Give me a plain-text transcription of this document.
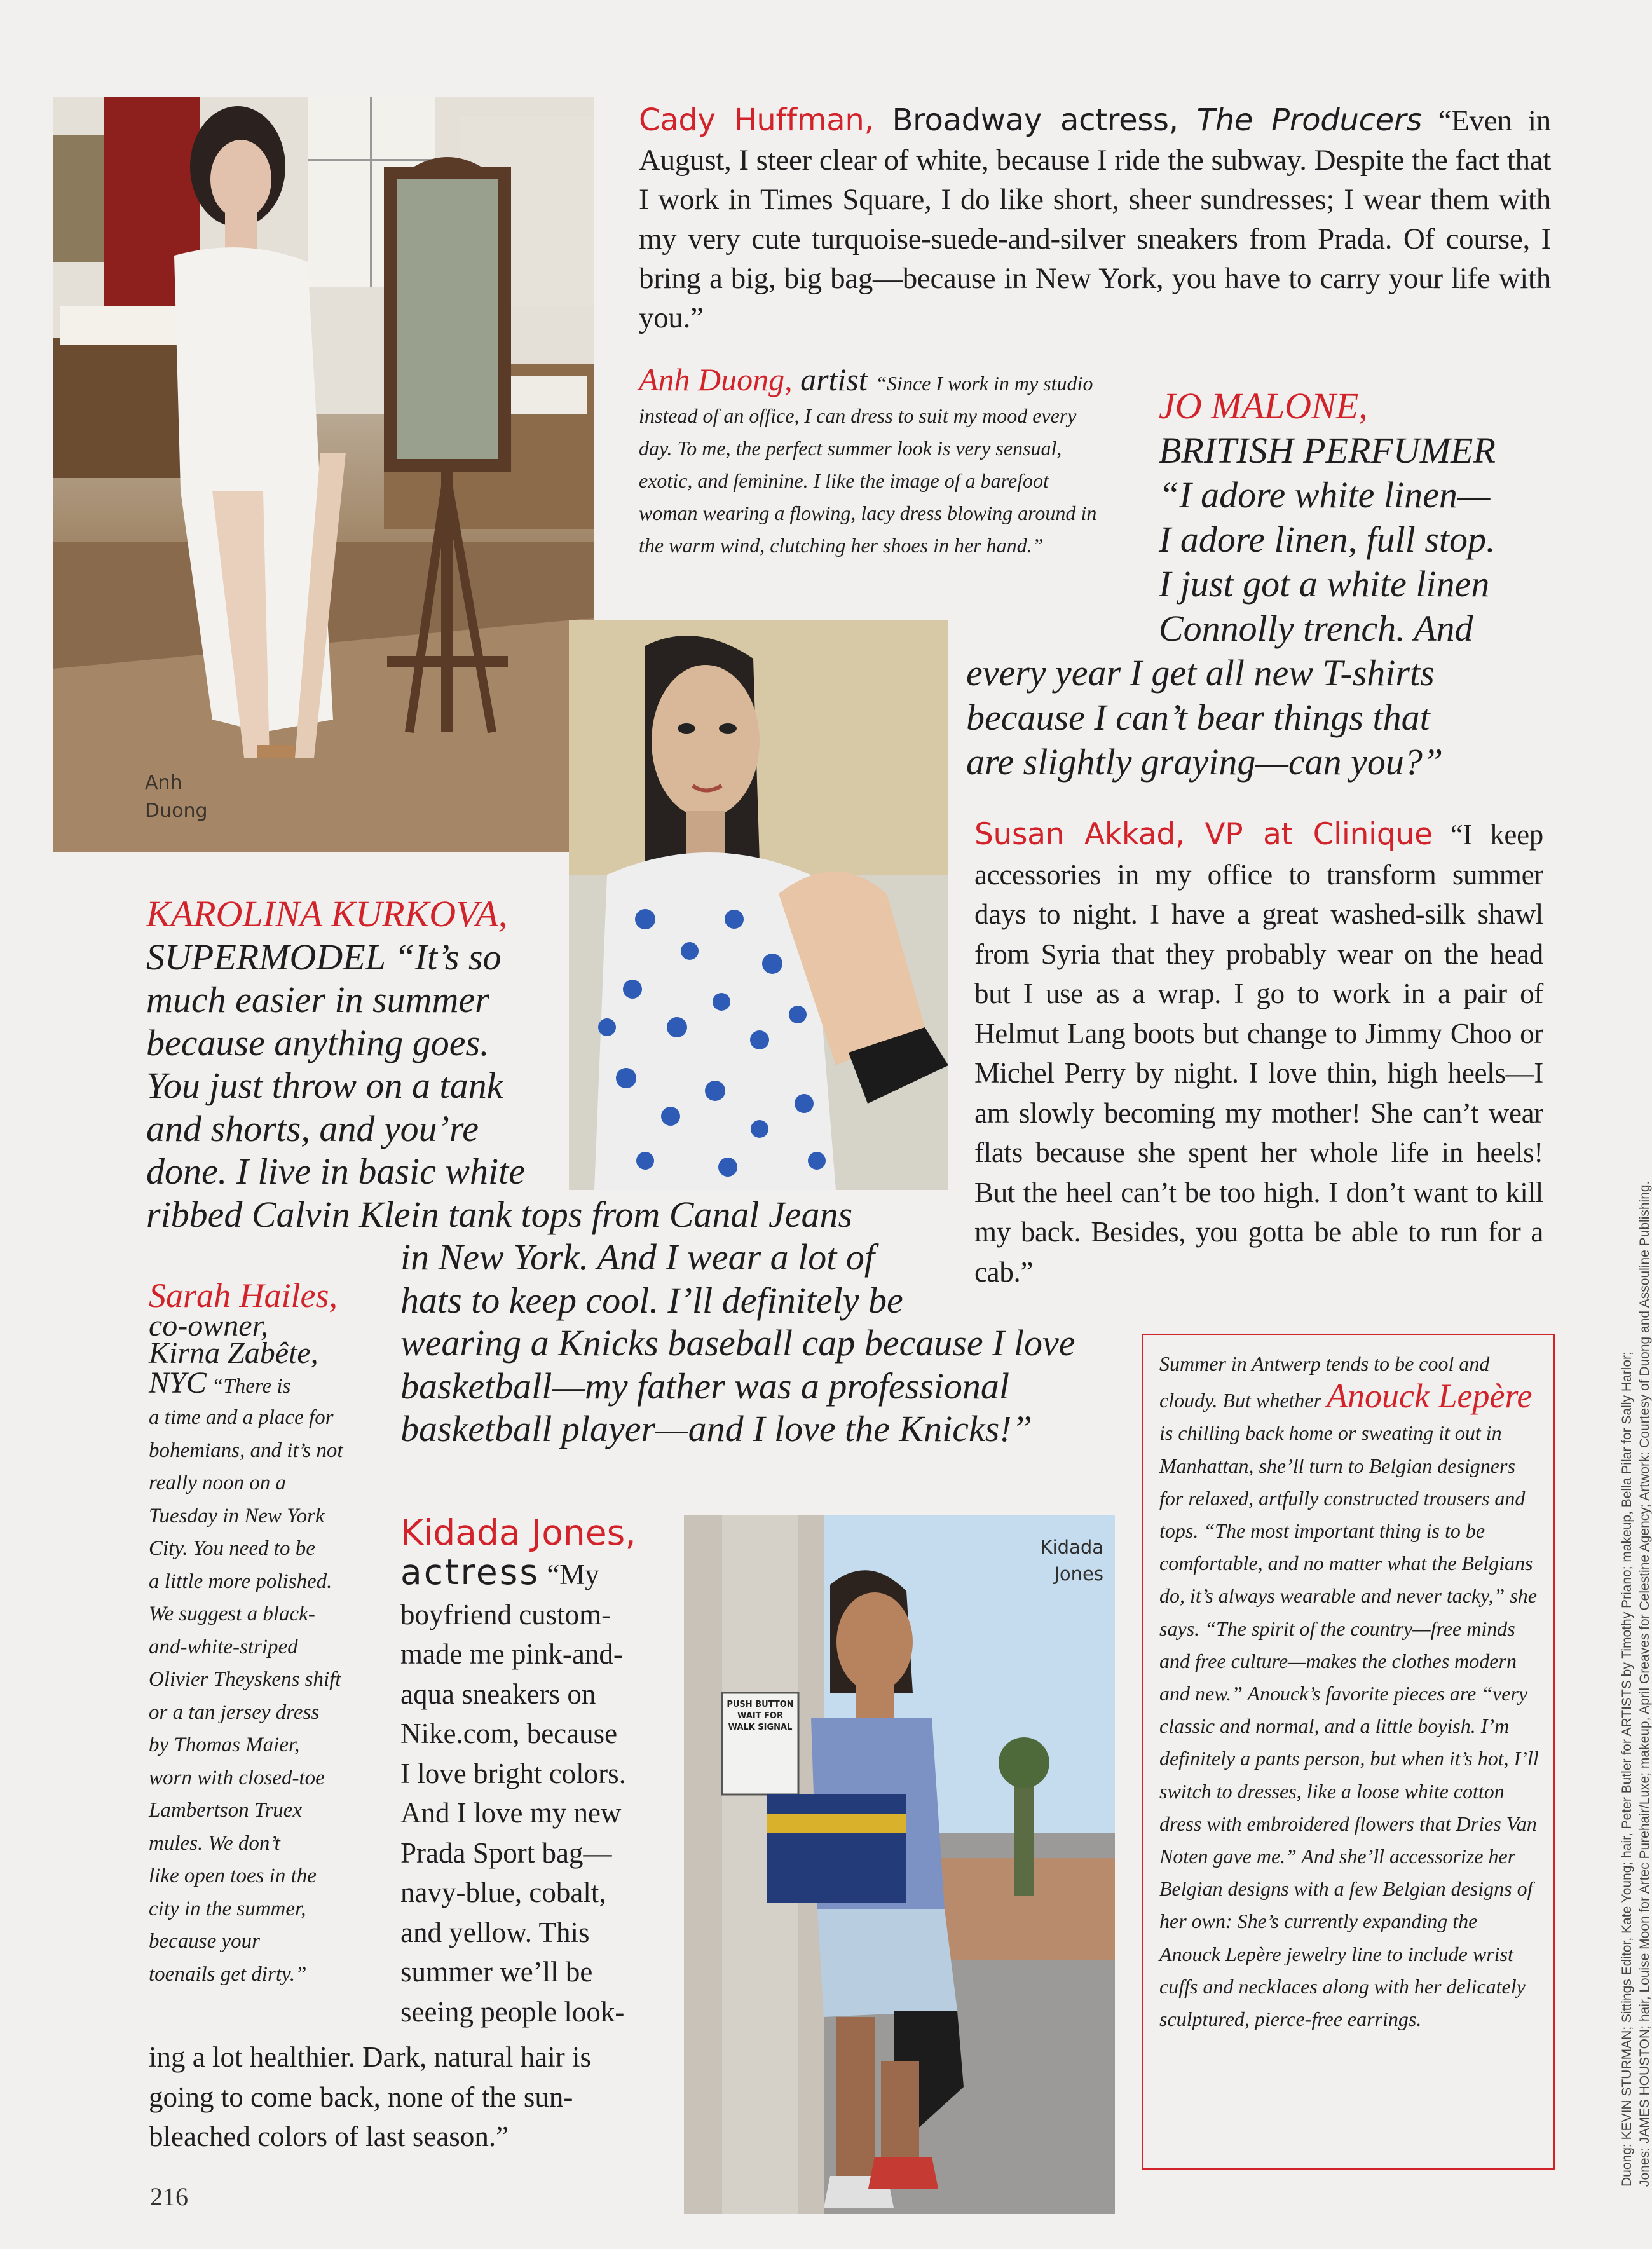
Anh
Duong
PUSH BUTTON
WAIT FOR
WALK SIGNAL
Kidada
Jones

Cady Huffman, Broadway actress, The Producers “Even in August, I steer clear of white, because I ride the subway. Despite the fact that I work in Times Square, I do like short, sheer sundresses; I wear them with my very cute turquoise-suede-and-silver sneakers from Prada. Of course, I bring a big, big bag—because in New York, you have to carry your life with you.”

Anh Duong, artist “Since I work in my studio instead of an office, I can dress to suit my mood every day. To me, the perfect summer look is very sensual, exotic, and feminine. I like the image of a barefoot woman wearing a flowing, lacy dress blowing around in the warm wind, clutching her shoes in her hand.”

JO MALONE,
BRITISH PERFUMER
“I adore white linen—
I adore linen, full stop.
I just got a white linen
Connolly trench. And
every year I get all new T-shirts
because I can’t bear things that
are slightly graying—can you?”

Susan Akkad, VP at Clinique “I keep accessories in my office to transform summer days to night. I have a great washed-silk shawl from Syria that they probably wear on the head but I use as a wrap. I go to work in a pair of Helmut Lang boots but change to Jimmy Choo or Michel Perry by night. I love thin, high heels—I am slowly becoming my mother! She can’t wear flats because she spent her whole life in heels! But the heel can’t be too high. I don’t want to kill my back. Besides, you gotta be able to run for a cab.”

KAROLINA KURKOVA,
SUPERMODEL “It’s so
much easier in summer
because anything goes.
You just throw on a tank
and shorts, and you’re
done. I live in basic white
ribbed Calvin Klein tank tops from Canal Jeans
in New York. And I wear a lot of
hats to keep cool. I’ll definitely be
wearing a Knicks baseball cap because I love
basketball—my father was a professional
basketball player—and I love the Knicks!”
Sarah Hailes,
co-owner,
Kirna Zabête,
NYC “There is
a time and a place for
bohemians, and it’s not
really noon on a
Tuesday in New York
City. You need to be
a little more polished.
We suggest a black-
and-white-striped
Olivier Theyskens shift
or a tan jersey dress
by Thomas Maier,
worn with closed-toe
Lambertson Truex
mules. We don’t
like open toes in the
city in the summer,
because your
toenails get dirty.”
Kidada Jones,
actress “My
boyfriend custom-
made me pink-and-
aqua sneakers on
Nike.com, because
I love bright colors.
And I love my new
Prada Sport bag—
navy-blue, cobalt,
and yellow. This
summer we’ll be
seeing people look-
ing a lot healthier. Dark, natural hair is
going to come back, none of the sun-
bleached colors of last season.”

Summer in Antwerp tends to be cool and cloudy. But whether Anouck Lepère is chilling back home or sweating it out in Manhattan, she’ll turn to Belgian designers for relaxed, artfully constructed trousers and tops. “The most important thing is to be comfortable, and no matter what the Belgians do, it’s always wearable and never tacky,” she says. “The spirit of the country—free minds and free culture—makes the clothes modern and new.” Anouck’s favorite pieces are “very classic and normal, and a little boyish. I’m definitely a pants person, but when it’s hot, I’ll switch to dresses, like a loose white cotton dress with embroidered flowers that Dries Van Noten gave me.” And she’ll accessorize her Belgian designs with a few Belgian designs of her own: She’s currently expanding the Anouck Lepère jewelry line to include wrist cuffs and necklaces along with her delicately sculptured, pierce-free earrings.

216
Duong: KEVIN STURMAN; Sittings Editor, Kate Young; hair, Peter Butler for ARTISTS by Timothy Priano; makeup, Bella Pilar for Sally Harlor; Jones: JAMES HOUSTON; hair, Louise Moon for Artec Purehair/Luxe; makeup, April Greaves for Celestine Agency; Artwork: Courtesy of Duong and Assouline Publishing.
